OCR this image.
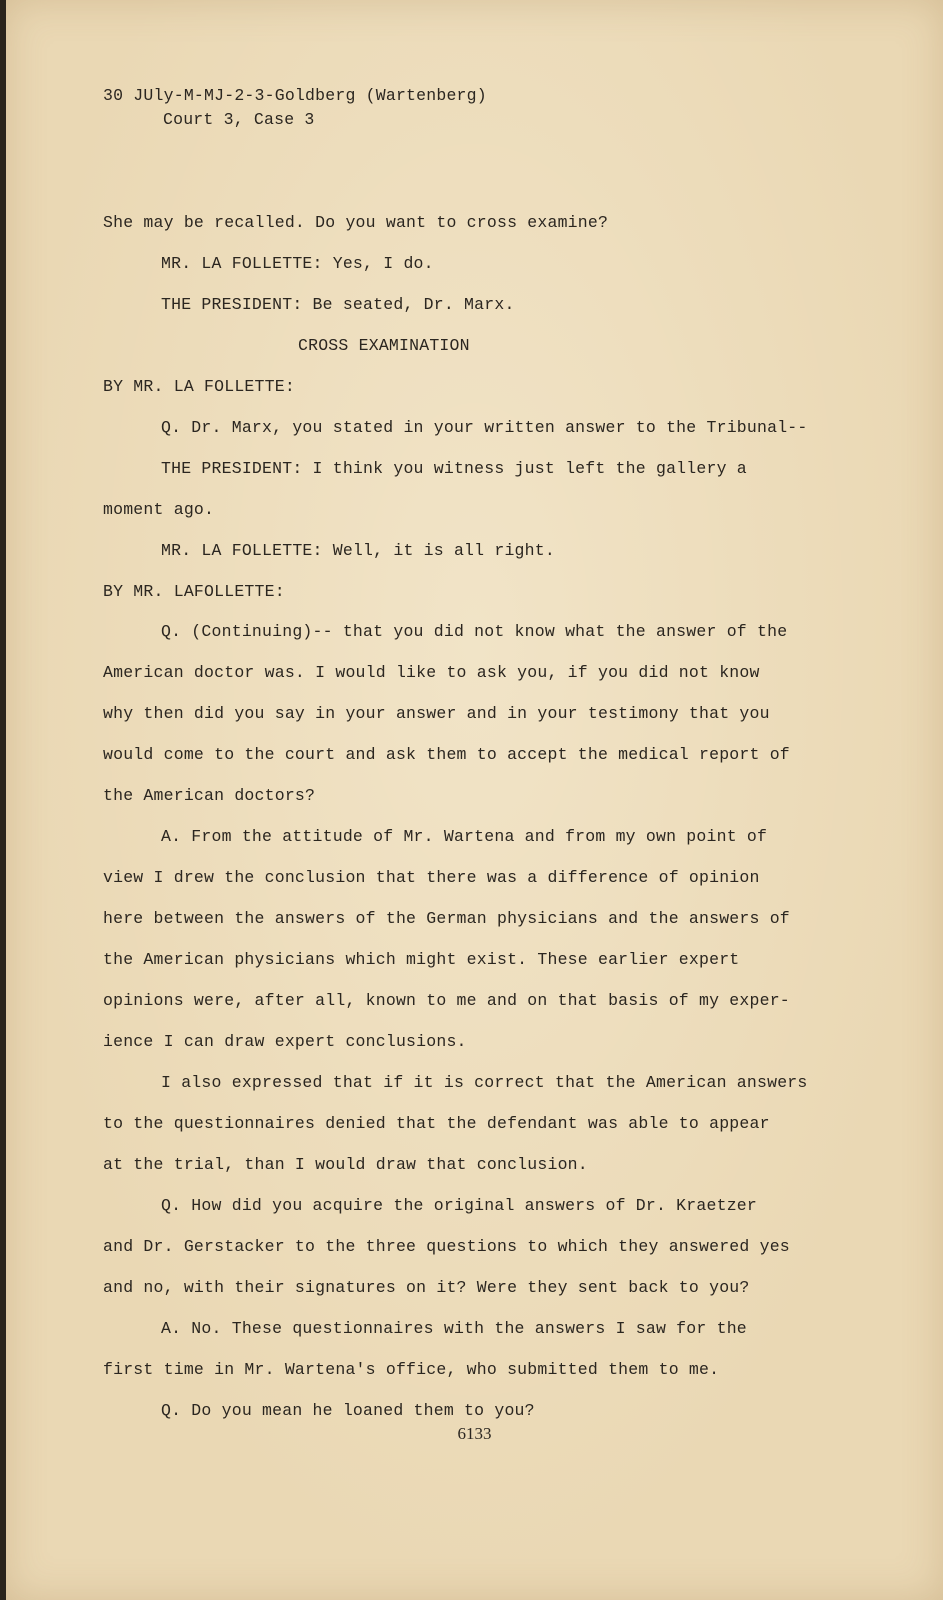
30 JUly-M-MJ-2-3-Goldberg (Wartenberg)
Court 3, Case 3
She may be recalled. Do you want to cross examine?
MR. LA FOLLETTE: Yes, I do.
THE PRESIDENT: Be seated, Dr. Marx.
CROSS EXAMINATION
BY MR. LA FOLLETTE:
Q. Dr. Marx, you stated in your written answer to the Tribunal--
THE PRESIDENT: I think you witness just left the gallery a
moment ago.
MR. LA FOLLETTE: Well, it is all right.
BY MR. LAFOLLETTE:
Q. (Continuing)-- that you did not know what the answer of the
American doctor was. I would like to ask you, if you did not know
why then did you say in your answer and in your testimony that you
would come to the court and ask them to accept the medical report of
the American doctors?
A. From the attitude of Mr. Wartena and from my own point of
view I drew the conclusion that there was a difference of opinion
here between the answers of the German physicians and the answers of
the American physicians which might exist. These earlier expert
opinions were, after all, known to me and on that basis of my exper-
ience I can draw expert conclusions.
I also expressed that if it is correct that the American answers
to the questionnaires denied that the defendant was able to appear
at the trial, than I would draw that conclusion.
Q. How did you acquire the original answers of Dr. Kraetzer
and Dr. Gerstacker to the three questions to which they answered yes
and no, with their signatures on it? Were they sent back to you?
A. No. These questionnaires with the answers I saw for the
first time in Mr. Wartena's office, who submitted them to me.
Q. Do you mean he loaned them to you?
6133
